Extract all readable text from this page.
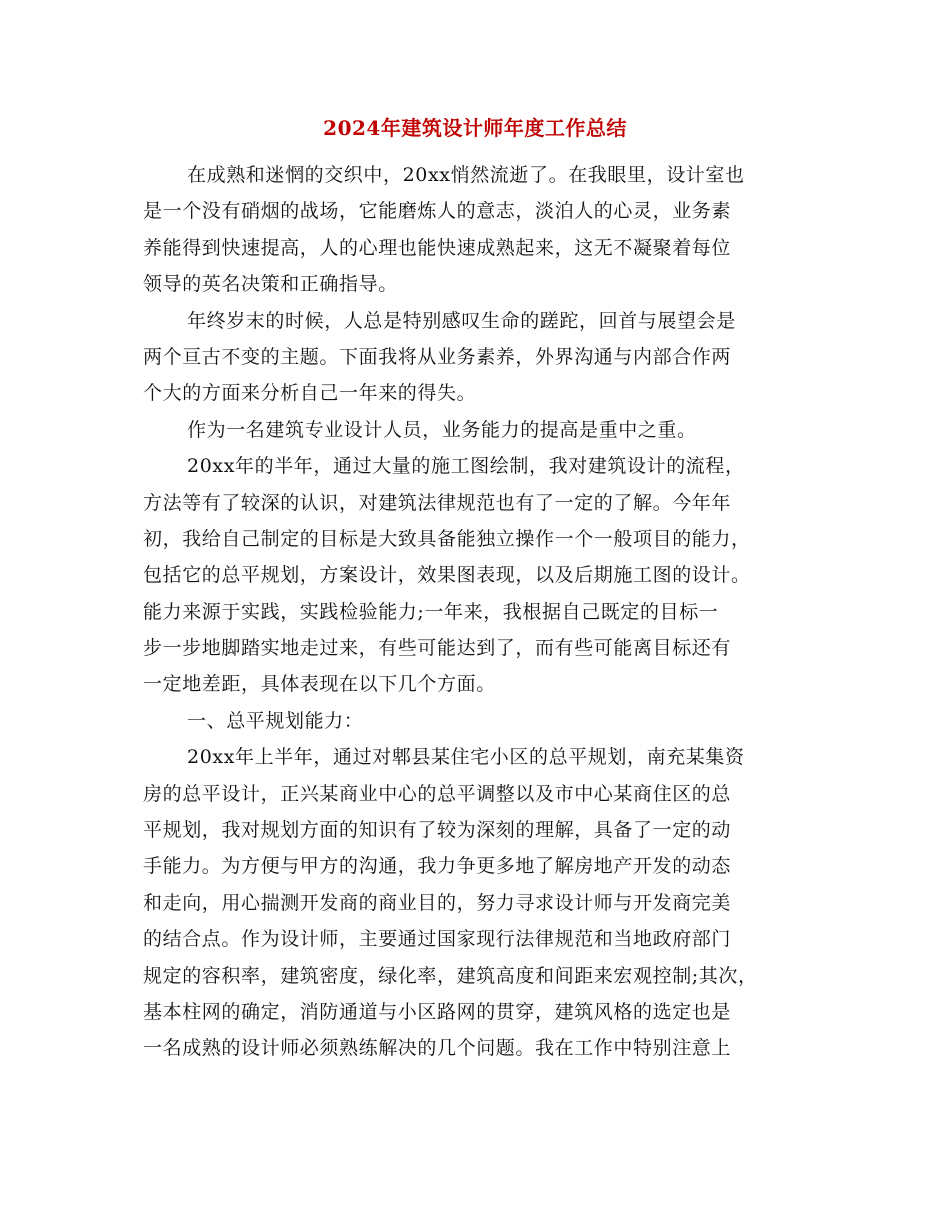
2024年建筑设计师年度工作总结
在成熟和迷惘的交织中，20xx悄然流逝了。在我眼里，设计室也
是一个没有硝烟的战场，它能磨炼人的意志，淡泊人的心灵，业务素
养能得到快速提高，人的心理也能快速成熟起来，这无不凝聚着每位
领导的英名决策和正确指导。
年终岁末的时候，人总是特别感叹生命的蹉跎，回首与展望会是
两个亘古不变的主题。下面我将从业务素养，外界沟通与内部合作两
个大的方面来分析自己一年来的得失。
作为一名建筑专业设计人员，业务能力的提高是重中之重。
20xx年的半年，通过大量的施工图绘制，我对建筑设计的流程，
方法等有了较深的认识，对建筑法律规范也有了一定的了解。今年年
初，我给自己制定的目标是大致具备能独立操作一个一般项目的能力，
包括它的总平规划，方案设计，效果图表现，以及后期施工图的设计。
能力来源于实践，实践检验能力;一年来，我根据自己既定的目标一
步一步地脚踏实地走过来，有些可能达到了，而有些可能离目标还有
一定地差距，具体表现在以下几个方面。
一、总平规划能力：
20xx年上半年，通过对郫县某住宅小区的总平规划，南充某集资
房的总平设计，正兴某商业中心的总平调整以及市中心某商住区的总
平规划，我对规划方面的知识有了较为深刻的理解，具备了一定的动
手能力。为方便与甲方的沟通，我力争更多地了解房地产开发的动态
和走向，用心揣测开发商的商业目的，努力寻求设计师与开发商完美
的结合点。作为设计师，主要通过国家现行法律规范和当地政府部门
规定的容积率，建筑密度，绿化率，建筑高度和间距来宏观控制;其次，
基本柱网的确定，消防通道与小区路网的贯穿，建筑风格的选定也是
一名成熟的设计师必须熟练解决的几个问题。我在工作中特别注意上
